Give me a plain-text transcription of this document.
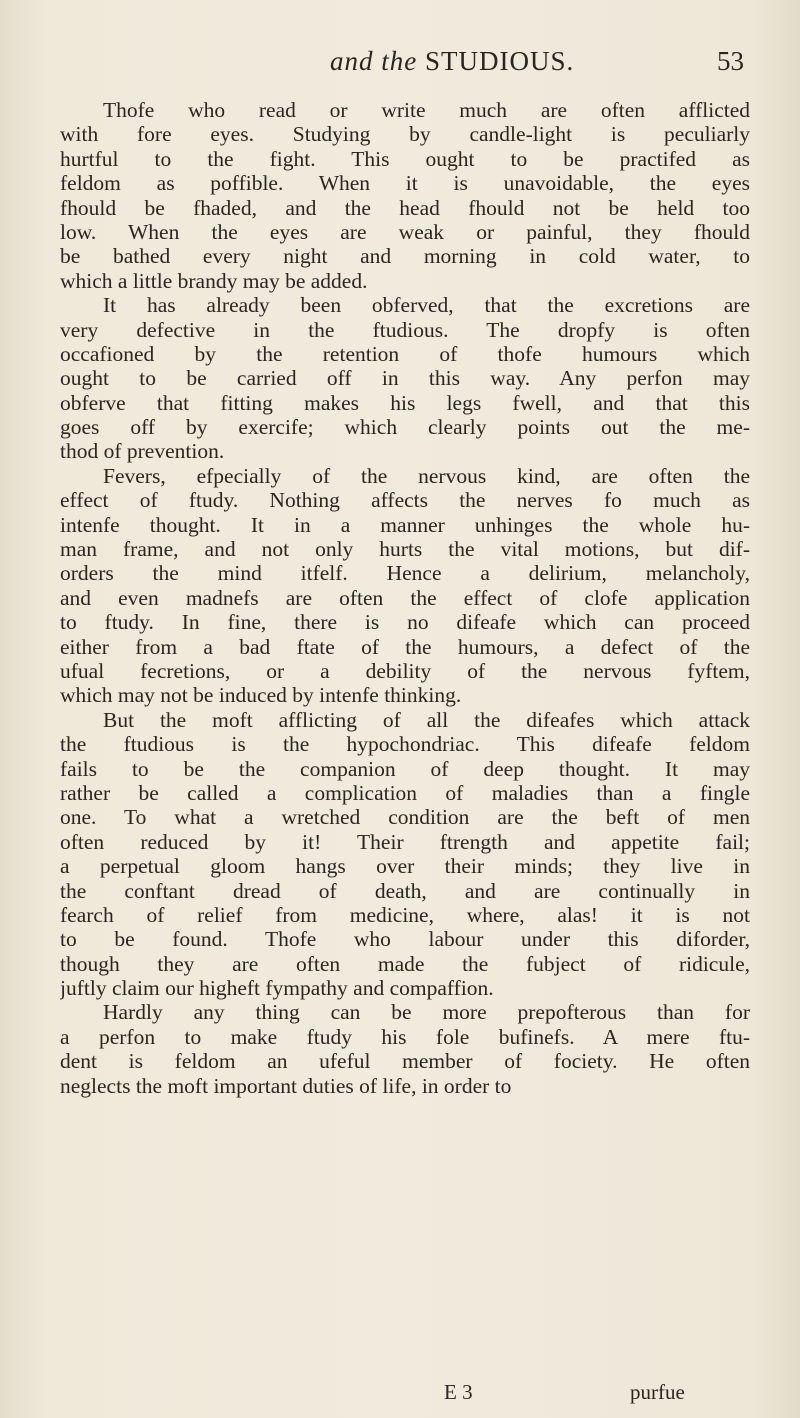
and the STUDIOUS.	53
Thofe who read or write much are often afflicted
with fore eyes. Studying by candle-light is peculiarly
hurtful to the fight. This ought to be practifed as
feldom as poffible. When it is unavoidable, the eyes
fhould be fhaded, and the head fhould not be held too
low. When the eyes are weak or painful, they fhould
be bathed every night and morning in cold water, to
which a little brandy may be added.
It has already been obferved, that the excretions are
very defective in the ftudious. The dropfy is often
occafioned by the retention of thofe humours which
ought to be carried off in this way. Any perfon may
obferve that fitting makes his legs fwell, and that this
goes off by exercife; which clearly points out the me-
thod of prevention.
Fevers, efpecially of the nervous kind, are often the
effect of ftudy. Nothing affects the nerves fo much as
intenfe thought. It in a manner unhinges the whole hu-
man frame, and not only hurts the vital motions, but dif-
orders the mind itfelf. Hence a delirium, melancholy,
and even madnefs are often the effect of clofe application
to ftudy. In fine, there is no difeafe which can proceed
either from a bad ftate of the humours, a defect of the
ufual fecretions, or a debility of the nervous fyftem,
which may not be induced by intenfe thinking.
But the moft afflicting of all the difeafes which attack
the ftudious is the hypochondriac. This difeafe feldom
fails to be the companion of deep thought. It may
rather be called a complication of maladies than a fingle
one. To what a wretched condition are the beft of men
often reduced by it! Their ftrength and appetite fail;
a perpetual gloom hangs over their minds; they live in
the conftant dread of death, and are continually in
fearch of relief from medicine, where, alas! it is not
to be found. Thofe who labour under this diforder,
though they are often made the fubject of ridicule,
juftly claim our higheft fympathy and compaffion.
Hardly any thing can be more prepofterous than for
a perfon to make ftudy his fole bufinefs. A mere ftu-
dent is feldom an ufeful member of fociety. He often
neglects the moft important duties of life, in order to
E 3	purfue
